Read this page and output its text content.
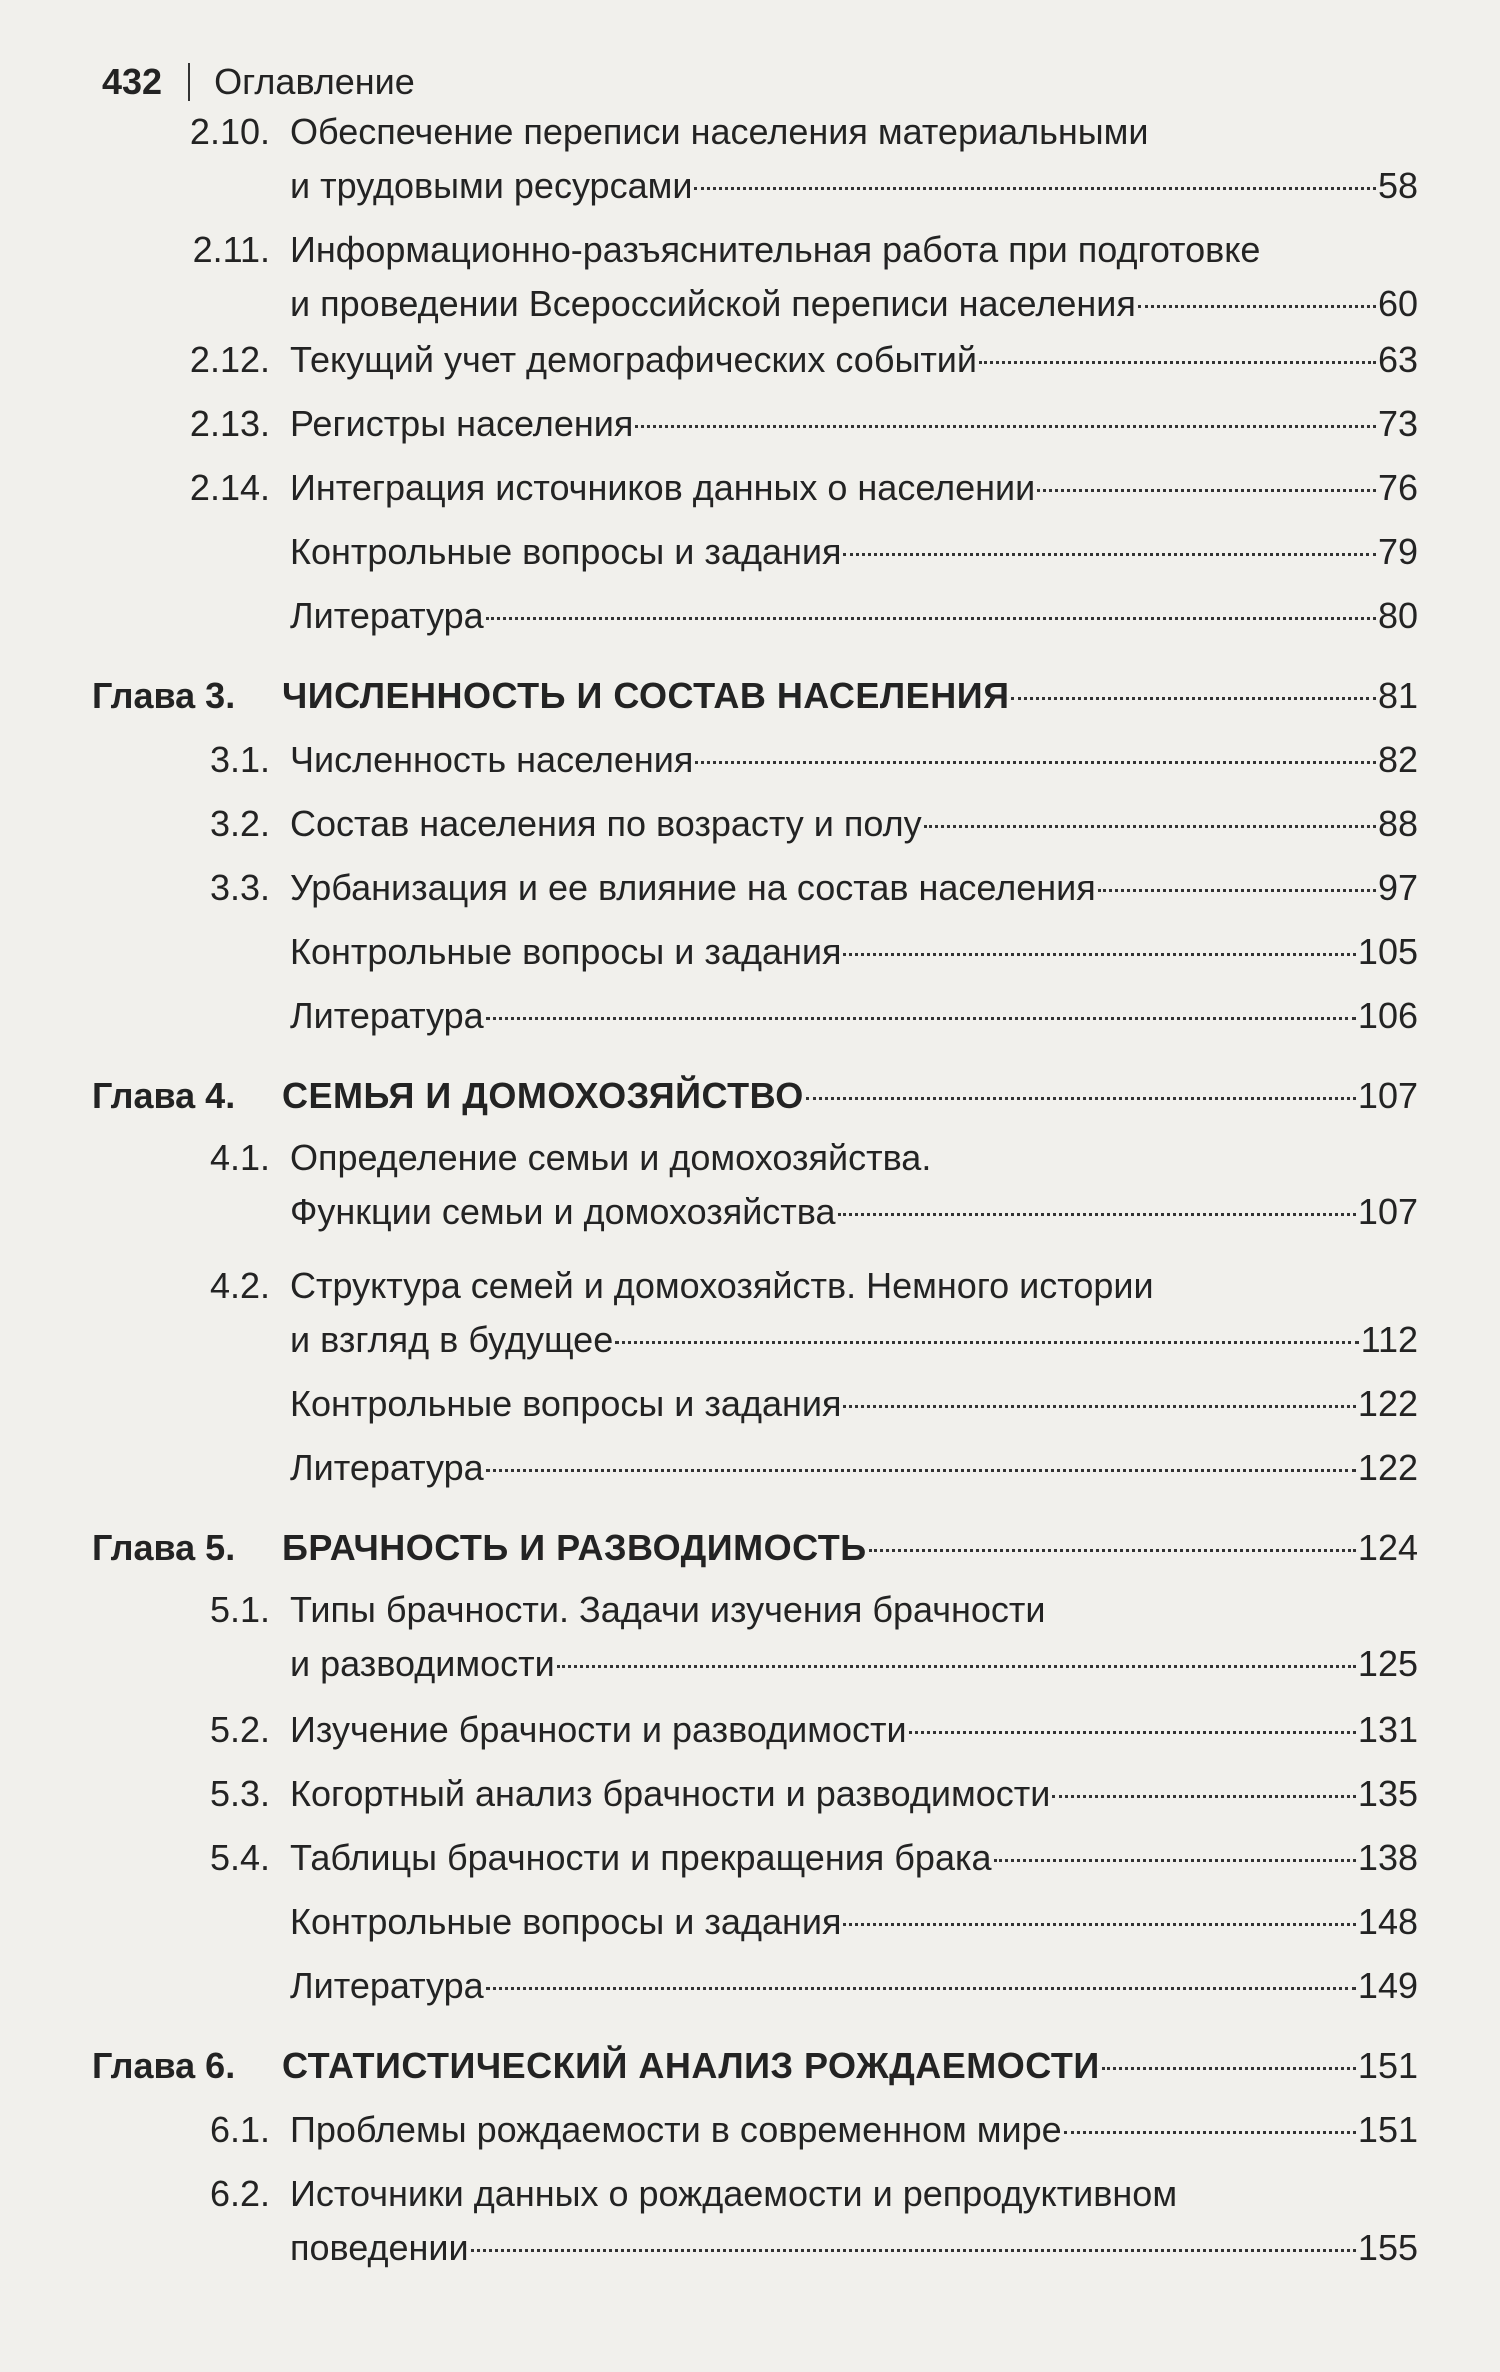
432 Оглавление
2.10. Обеспечение переписи населения материальными
и трудовыми ресурсами	58
2.11. Информационно-разъяснительная работа при подготовке
и проведении Всероссийской переписи населения	60
2.12. Текущий учет демографических событий	63
2.13. Регистры населения	73
2.14. Интеграция источников данных о населении	76
Контрольные вопросы и задания	79
Литература	80
Глава 3. ЧИСЛЕННОСТЬ И СОСТАВ НАСЕЛЕНИЯ	81
3.1. Численность населения	82
3.2. Состав населения по возрасту и полу	88
3.3. Урбанизация и ее влияние на состав населения	97
Контрольные вопросы и задания	105
Литература	106
Глава 4. СЕМЬЯ И ДОМОХОЗЯЙСТВО	107
4.1. Определение семьи и домохозяйства.
Функции семьи и домохозяйства	107
4.2. Структура семей и домохозяйств. Немного истории
и взгляд в будущее	112
Контрольные вопросы и задания	122
Литература	122
Глава 5. БРАЧНОСТЬ И РАЗВОДИМОСТЬ	124
5.1. Типы брачности. Задачи изучения брачности
и разводимости	125
5.2. Изучение брачности и разводимости	131
5.3. Когортный анализ брачности и разводимости	135
5.4. Таблицы брачности и прекращения брака	138
Контрольные вопросы и задания	148
Литература	149
Глава 6. СТАТИСТИЧЕСКИЙ АНАЛИЗ РОЖДАЕМОСТИ	151
6.1. Проблемы рождаемости в современном мире	151
6.2. Источники данных о рождаемости и репродуктивном
поведении	155
